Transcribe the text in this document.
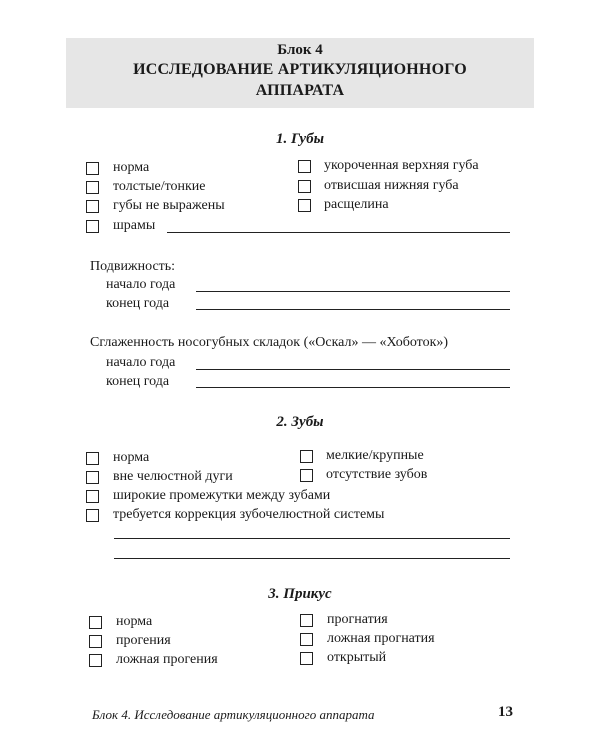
Блок 4
ИССЛЕДОВАНИЕ АРТИКУЛЯЦИОННОГО
АППАРАТА
1. Губы
норма
толстые/тонкие
губы не выражены
шрамы
укороченная верхняя губа
отвисшая нижняя губа
расщелина
Подвижность:
начало года
конец года
Сглаженность носогубных складок («Оскал» — «Хоботок»)
начало года
конец года
2. Зубы
норма
вне челюстной дуги
мелкие/крупные
отсутствие зубов
широкие промежутки между зубами
требуется коррекция зубочелюстной системы
3. Прикус
норма
прогения
ложная прогения
прогнатия
ложная прогнатия
открытый
Блок 4. Исследование артикуляционного аппарата	13
